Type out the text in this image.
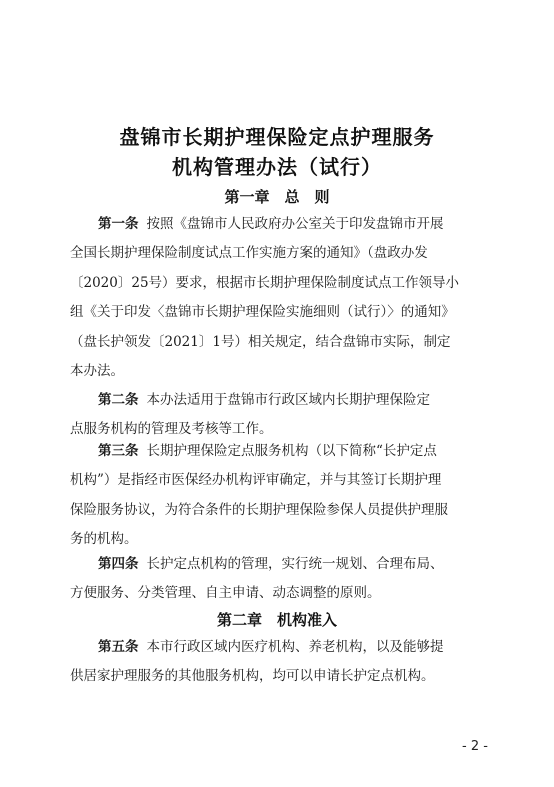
盘锦市长期护理保险定点护理服务
机构管理办法（试行）
第一章　总　则
第一条 按照《盘锦市人民政府办公室关于印发盘锦市开展
全国长期护理保险制度试点工作实施方案的通知》（盘政办发
〔2020〕25号）要求，根据市长期护理保险制度试点工作领导小
组《关于印发〈盘锦市长期护理保险实施细则（试行）〉的通知》
（盘长护领发〔2021〕1号）相关规定，结合盘锦市实际，制定
本办法。
第二条 本办法适用于盘锦市行政区域内长期护理保险定
点服务机构的管理及考核等工作。
第三条 长期护理保险定点服务机构（以下简称“长护定点
机构”）是指经市医保经办机构评审确定，并与其签订长期护理
保险服务协议，为符合条件的长期护理保险参保人员提供护理服
务的机构。
第四条 长护定点机构的管理，实行统一规划、合理布局、
方便服务、分类管理、自主申请、动态调整的原则。
第二章　机构准入
第五条 本市行政区域内医疗机构、养老机构，以及能够提
供居家护理服务的其他服务机构，均可以申请长护定点机构。
- 2 -
